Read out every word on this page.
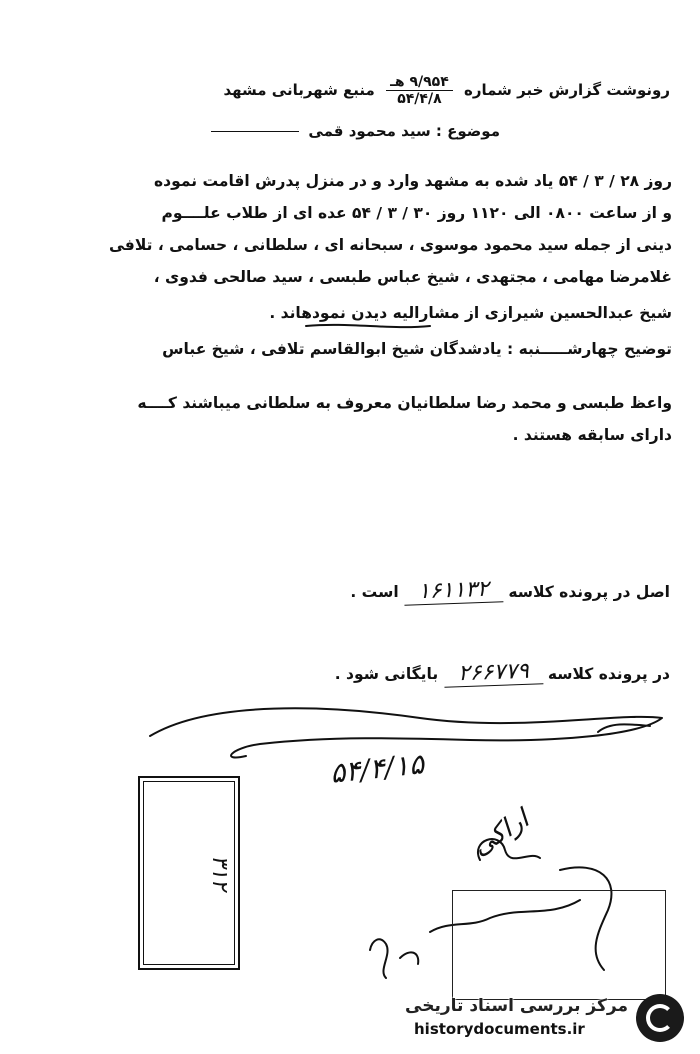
رونوشت گزارش خبر شماره
۹/۹۵۴ هـ
۵۴/۴/۸
منبع شهربانی مشهد
موضوع : سید محمود قمی
روز ۲۸ / ۳ / ۵۴ یاد شده به مشهد وارد و در منزل پدرش اقامت نموده
و از ساعت ۰۸۰۰ الی ۱۱۲۰ روز ۳۰ / ۳ / ۵۴ عده ای از طلاب علــــوم
دینی از جمله سید محمود موسوی ، سبحانه ای ، سلطانی ، حسامی ، تلافی
غلامرضا مهامی ، مجتهدی ، شیخ عباس طبسی ، سید صالحی فدوی ،
شیخ عبدالحسین شیرازی از مشارالیه دیدن نمودهاند .
توضیح چهارشـــــنبه : یادشدگان شیخ ابوالقاسم تلافی ، شیخ عباس
واعظ طبسی و محمد رضا سلطانیان معروف به سلطانی میباشند کــــه
دارای سابقه هستند .
اصل در پرونده کلاسه ۱۶۱۱۳۲ است .
در پرونده کلاسه ۲۶۶۷۷۹ بایگانی شود .
۵۴/۴/۱۵
۳۱۲
اراکی
مرکز بررسی اسناد تاریخی
historydocuments.ir
